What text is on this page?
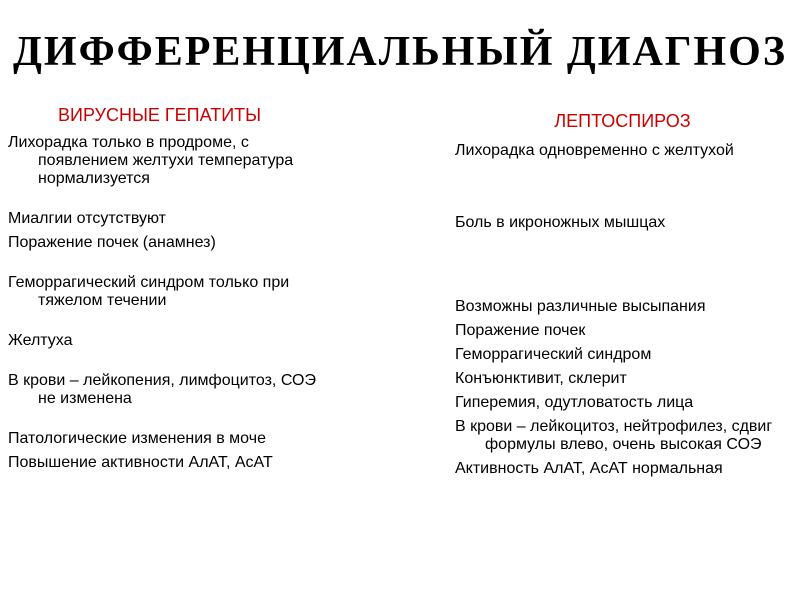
ДИФФЕРЕНЦИАЛЬНЫЙ ДИАГНОЗ
ВИРУСНЫЕ ГЕПАТИТЫ
Лихорадка только в продроме, с появлением желтухи температура нормализуется
Миалгии отсутствуют
Поражение почек (анамнез)
Геморрагический синдром только при тяжелом течении
Желтуха
В крови – лейкопения, лимфоцитоз, СОЭ не изменена
Патологические изменения в моче
Повышение активности АлАТ, АсАТ
ЛЕПТОСПИРОЗ
Лихорадка одновременно с желтухой
Боль в икроножных мышцах
Возможны различные высыпания
Поражение почек
Геморрагический синдром
Конъюнктивит, склерит
Гиперемия, одутловатость лица
В крови – лейкоцитоз, нейтрофилез, сдвиг формулы влево, очень высокая СОЭ
Активность АлАТ, АсАТ нормальная
